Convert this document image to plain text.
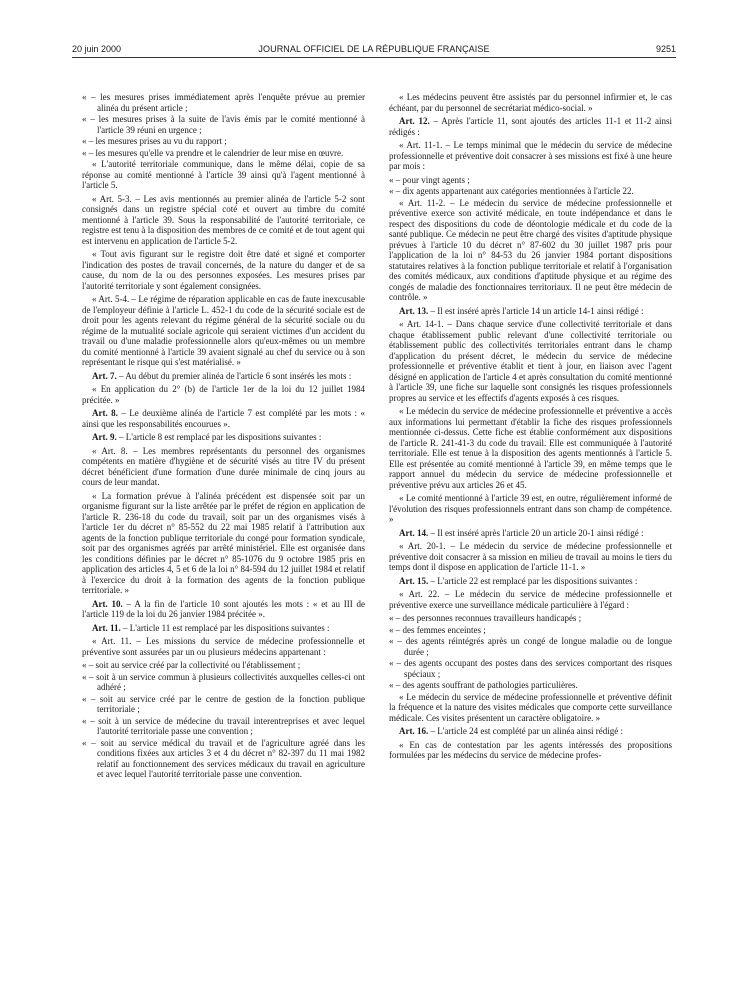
20 juin 2000	JOURNAL OFFICIEL DE LA RÉPUBLIQUE FRANÇAISE	9251

« – les mesures prises immédiatement après l'enquête prévue au premier alinéa du présent article ;

« – les mesures prises à la suite de l'avis émis par le comité mentionné à l'article 39 réuni en urgence ;

« – les mesures prises au vu du rapport ;

« – les mesures qu'elle va prendre et le calendrier de leur mise en œuvre.

« L'autorité territoriale communique, dans le même délai, copie de sa réponse au comité mentionné à l'article 39 ainsi qu'à l'agent mentionné à l'article 5.

« Art. 5-3. – Les avis mentionnés au premier alinéa de l'article 5-2 sont consignés dans un registre spécial coté et ouvert au timbre du comité mentionné à l'article 39. Sous la responsabilité de l'autorité territoriale, ce registre est tenu à la disposition des membres de ce comité et de tout agent qui est intervenu en application de l'article 5-2.

« Tout avis figurant sur le registre doit être daté et signé et comporter l'indication des postes de travail concernés, de la nature du danger et de sa cause, du nom de la ou des personnes exposées. Les mesures prises par l'autorité territoriale y sont également consignées.

« Art. 5-4. – Le régime de réparation applicable en cas de faute inexcusable de l'employeur définie à l'article L. 452-1 du code de la sécurité sociale est de droit pour les agents relevant du régime général de la sécurité sociale ou du régime de la mutualité sociale agricole qui seraient victimes d'un accident du travail ou d'une maladie professionnelle alors qu'eux-mêmes ou un membre du comité mentionné à l'article 39 avaient signalé au chef du service ou à son représentant le risque qui s'est matérialisé. »

Art. 7. – Au début du premier alinéa de l'article 6 sont insérés les mots :

« En application du 2° (b) de l'article 1er de la loi du 12 juillet 1984 précitée. »

Art. 8. – Le deuxième alinéa de l'article 7 est complété par les mots : « ainsi que les responsabilités encourues ».

Art. 9. – L'article 8 est remplacé par les dispositions suivantes :

« Art. 8. – Les membres représentants du personnel des organismes compétents en matière d'hygiène et de sécurité visés au titre IV du présent décret bénéficient d'une formation d'une durée minimale de cinq jours au cours de leur mandat.

« La formation prévue à l'alinéa précédent est dispensée soit par un organisme figurant sur la liste arrêtée par le préfet de région en application de l'article R. 236-18 du code du travail, soit par un des organismes visés à l'article 1er du décret n° 85-552 du 22 mai 1985 relatif à l'attribution aux agents de la fonction publique territoriale du congé pour formation syndicale, soit par des organismes agréés par arrêté ministériel. Elle est organisée dans les conditions définies par le décret n° 85-1076 du 9 octobre 1985 pris en application des articles 4, 5 et 6 de la loi n° 84-594 du 12 juillet 1984 et relatif à l'exercice du droit à la formation des agents de la fonction publique territoriale. »

Art. 10. – A la fin de l'article 10 sont ajoutés les mots : « et au III de l'article 119 de la loi du 26 janvier 1984 précitée ».

Art. 11. – L'article 11 est remplacé par les dispositions suivantes :

« Art. 11. – Les missions du service de médecine professionnelle et préventive sont assurées par un ou plusieurs médecins appartenant :

« – soit au service créé par la collectivité ou l'établissement ;

« – soit à un service commun à plusieurs collectivités auxquelles celles-ci ont adhéré ;

« – soit au service créé par le centre de gestion de la fonction publique territoriale ;

« – soit à un service de médecine du travail interentreprises et avec lequel l'autorité territoriale passe une convention ;

« – soit au service médical du travail et de l'agriculture agréé dans les conditions fixées aux articles 3 et 4 du décret n° 82-397 du 11 mai 1982 relatif au fonctionnement des services médicaux du travail en agriculture et avec lequel l'autorité territoriale passe une convention.

« Les médecins peuvent être assistés par du personnel infirmier et, le cas échéant, par du personnel de secrétariat médico-social. »

Art. 12. – Après l'article 11, sont ajoutés des articles 11-1 et 11-2 ainsi rédigés :

« Art. 11-1. – Le temps minimal que le médecin du service de médecine professionnelle et préventive doit consacrer à ses missions est fixé à une heure par mois :

« – pour vingt agents ;

« – dix agents appartenant aux catégories mentionnées à l'article 22.

« Art. 11-2. – Le médecin du service de médecine professionnelle et préventive exerce son activité médicale, en toute indépendance et dans le respect des dispositions du code de déontologie médicale et du code de la santé publique. Ce médecin ne peut être chargé des visites d'aptitude physique prévues à l'article 10 du décret n° 87-602 du 30 juillet 1987 pris pour l'application de la loi n° 84-53 du 26 janvier 1984 portant dispositions statutaires relatives à la fonction publique territoriale et relatif à l'organisation des comités médicaux, aux conditions d'aptitude physique et au régime des congés de maladie des fonctionnaires territoriaux. Il ne peut être médecin de contrôle. »

Art. 13. – Il est inséré après l'article 14 un article 14-1 ainsi rédigé :

« Art. 14-1. – Dans chaque service d'une collectivité territoriale et dans chaque établissement public relevant d'une collectivité territoriale ou établissement public des collectivités territoriales entrant dans le champ d'application du présent décret, le médecin du service de médecine professionnelle et préventive établit et tient à jour, en liaison avec l'agent désigné en application de l'article 4 et après consultation du comité mentionné à l'article 39, une fiche sur laquelle sont consignés les risques professionnels propres au service et les effectifs d'agents exposés à ces risques.

« Le médecin du service de médecine professionnelle et préventive a accès aux informations lui permettant d'établir la fiche des risques professionnels mentionnée ci-dessus. Cette fiche est établie conformément aux dispositions de l'article R. 241-41-3 du code du travail. Elle est communiquée à l'autorité territoriale. Elle est tenue à la disposition des agents mentionnés à l'article 5. Elle est présentée au comité mentionné à l'article 39, en même temps que le rapport annuel du médecin du service de médecine professionnelle et préventive prévu aux articles 26 et 45.

« Le comité mentionné à l'article 39 est, en outre, régulièrement informé de l'évolution des risques professionnels entrant dans son champ de compétence. »

Art. 14. – Il est inséré après l'article 20 un article 20-1 ainsi rédigé :

« Art. 20-1. – Le médecin du service de médecine professionnelle et préventive doit consacrer à sa mission en milieu de travail au moins le tiers du temps dont il dispose en application de l'article 11-1. »

Art. 15. – L'article 22 est remplacé par les dispositions suivantes :

« Art. 22. – Le médecin du service de médecine professionnelle et préventive exerce une surveillance médicale particulière à l'égard :

« – des personnes reconnues travailleurs handicapés ;

« – des femmes enceintes ;

« – des agents réintégrés après un congé de longue maladie ou de longue durée ;

« – des agents occupant des postes dans des services comportant des risques spéciaux ;

« – des agents souffrant de pathologies particulières.

« Le médecin du service de médecine professionnelle et préventive définit la fréquence et la nature des visites médicales que comporte cette surveillance médicale. Ces visites présentent un caractère obligatoire. »

Art. 16. – L'article 24 est complété par un alinéa ainsi rédigé :

« En cas de contestation par les agents intéressés des propositions formulées par les médecins du service de médecine profes-
